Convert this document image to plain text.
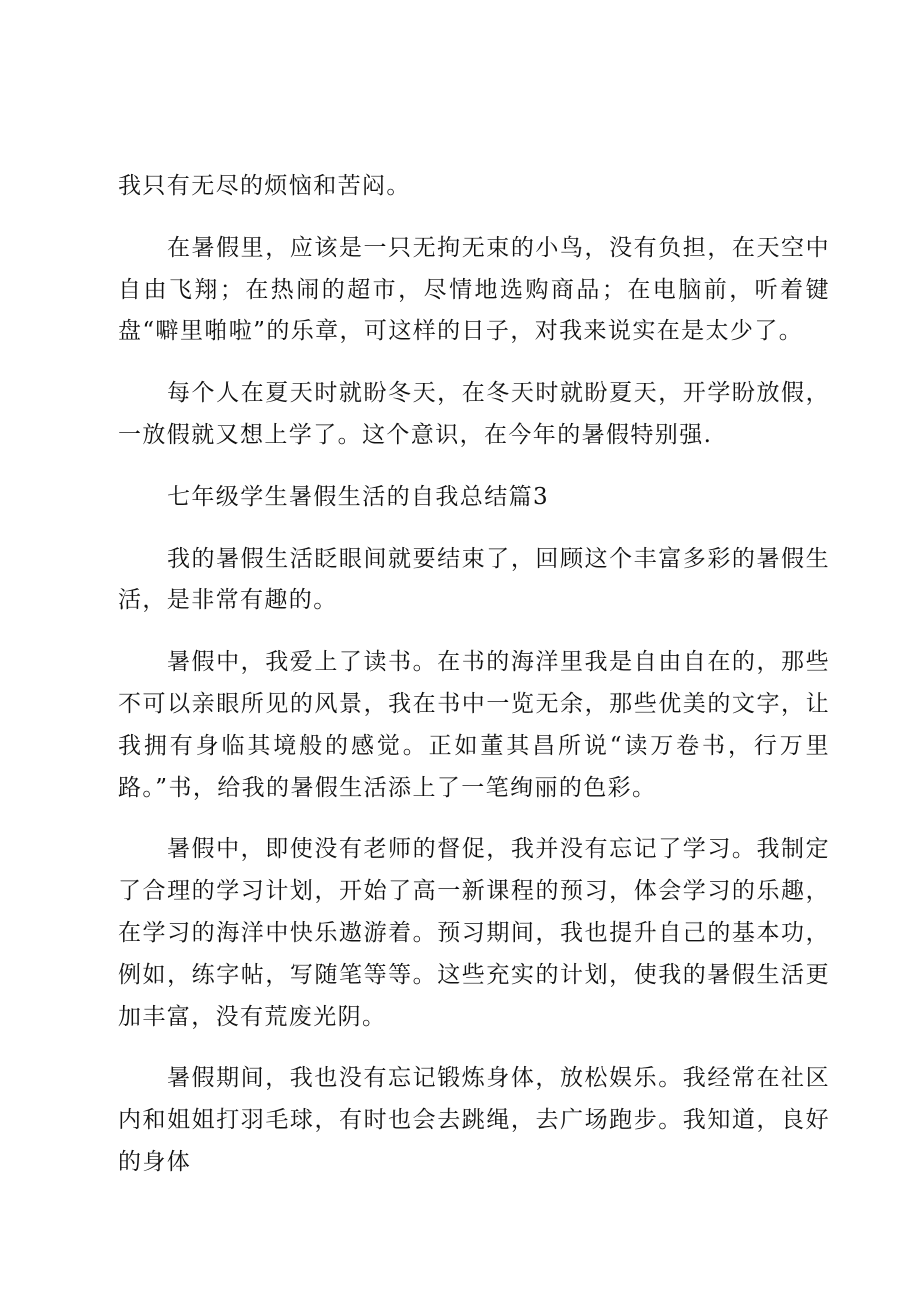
我只有无尽的烦恼和苦闷。

在暑假里，应该是一只无拘无束的小鸟，没有负担，在天空中自由飞翔；在热闹的超市，尽情地选购商品；在电脑前，听着键盘“噼里啪啦”的乐章，可这样的日子，对我来说实在是太少了。

每个人在夏天时就盼冬天，在冬天时就盼夏天，开学盼放假，一放假就又想上学了。这个意识，在今年的暑假特别强.

七年级学生暑假生活的自我总结篇3

我的暑假生活眨眼间就要结束了，回顾这个丰富多彩的暑假生活，是非常有趣的。

暑假中，我爱上了读书。在书的海洋里我是自由自在的，那些不可以亲眼所见的风景，我在书中一览无余，那些优美的文字，让我拥有身临其境般的感觉。正如董其昌所说“读万卷书，行万里路。”书，给我的暑假生活添上了一笔绚丽的色彩。

暑假中，即使没有老师的督促，我并没有忘记了学习。我制定了合理的学习计划，开始了高一新课程的预习，体会学习的乐趣，在学习的海洋中快乐遨游着。预习期间，我也提升自己的基本功，例如，练字帖，写随笔等等。这些充实的计划，使我的暑假生活更加丰富，没有荒废光阴。

暑假期间，我也没有忘记锻炼身体，放松娱乐。我经常在社区内和姐姐打羽毛球，有时也会去跳绳，去广场跑步。我知道，良好的身体
